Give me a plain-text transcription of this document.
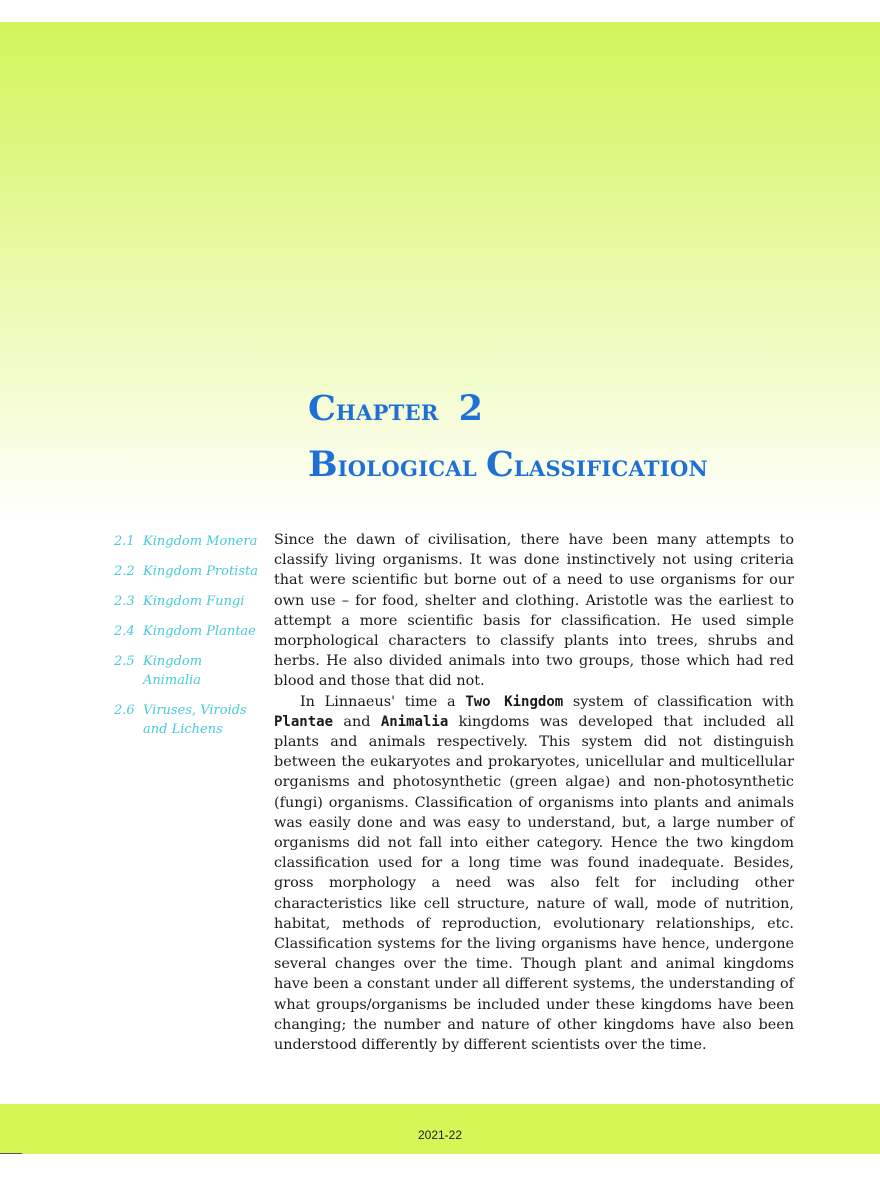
CHAPTER 2
BIOLOGICAL CLASSIFICATION
2.1 Kingdom Monera
2.2 Kingdom Protista
2.3 Kingdom Fungi
2.4 Kingdom Plantae
2.5 Kingdom Animalia
2.6 Viruses, Viroids and Lichens

Since the dawn of civilisation, there have been many attempts to classify living organisms. It was done instinctively not using criteria that were scientific but borne out of a need to use organisms for our own use – for food, shelter and clothing. Aristotle was the earliest to attempt a more scientific basis for classification. He used simple morphological characters to classify plants into trees, shrubs and herbs. He also divided animals into two groups, those which had red blood and those that did not.

In Linnaeus' time a Two Kingdom system of classification with Plantae and Animalia kingdoms was developed that included all plants and animals respectively. This system did not distinguish between the eukaryotes and prokaryotes, unicellular and multicellular organisms and photosynthetic (green algae) and non-photosynthetic (fungi) organisms. Classification of organisms into plants and animals was easily done and was easy to understand, but, a large number of organisms did not fall into either category. Hence the two kingdom classification used for a long time was found inadequate. Besides, gross morphology a need was also felt for including other characteristics like cell structure, nature of wall, mode of nutrition, habitat, methods of reproduction, evolutionary relationships, etc. Classification systems for the living organisms have hence, undergone several changes over the time. Though plant and animal kingdoms have been a constant under all different systems, the understanding of what groups/organisms be included under these kingdoms have been changing; the number and nature of other kingdoms have also been understood differently by different scientists over the time.

2021-22
